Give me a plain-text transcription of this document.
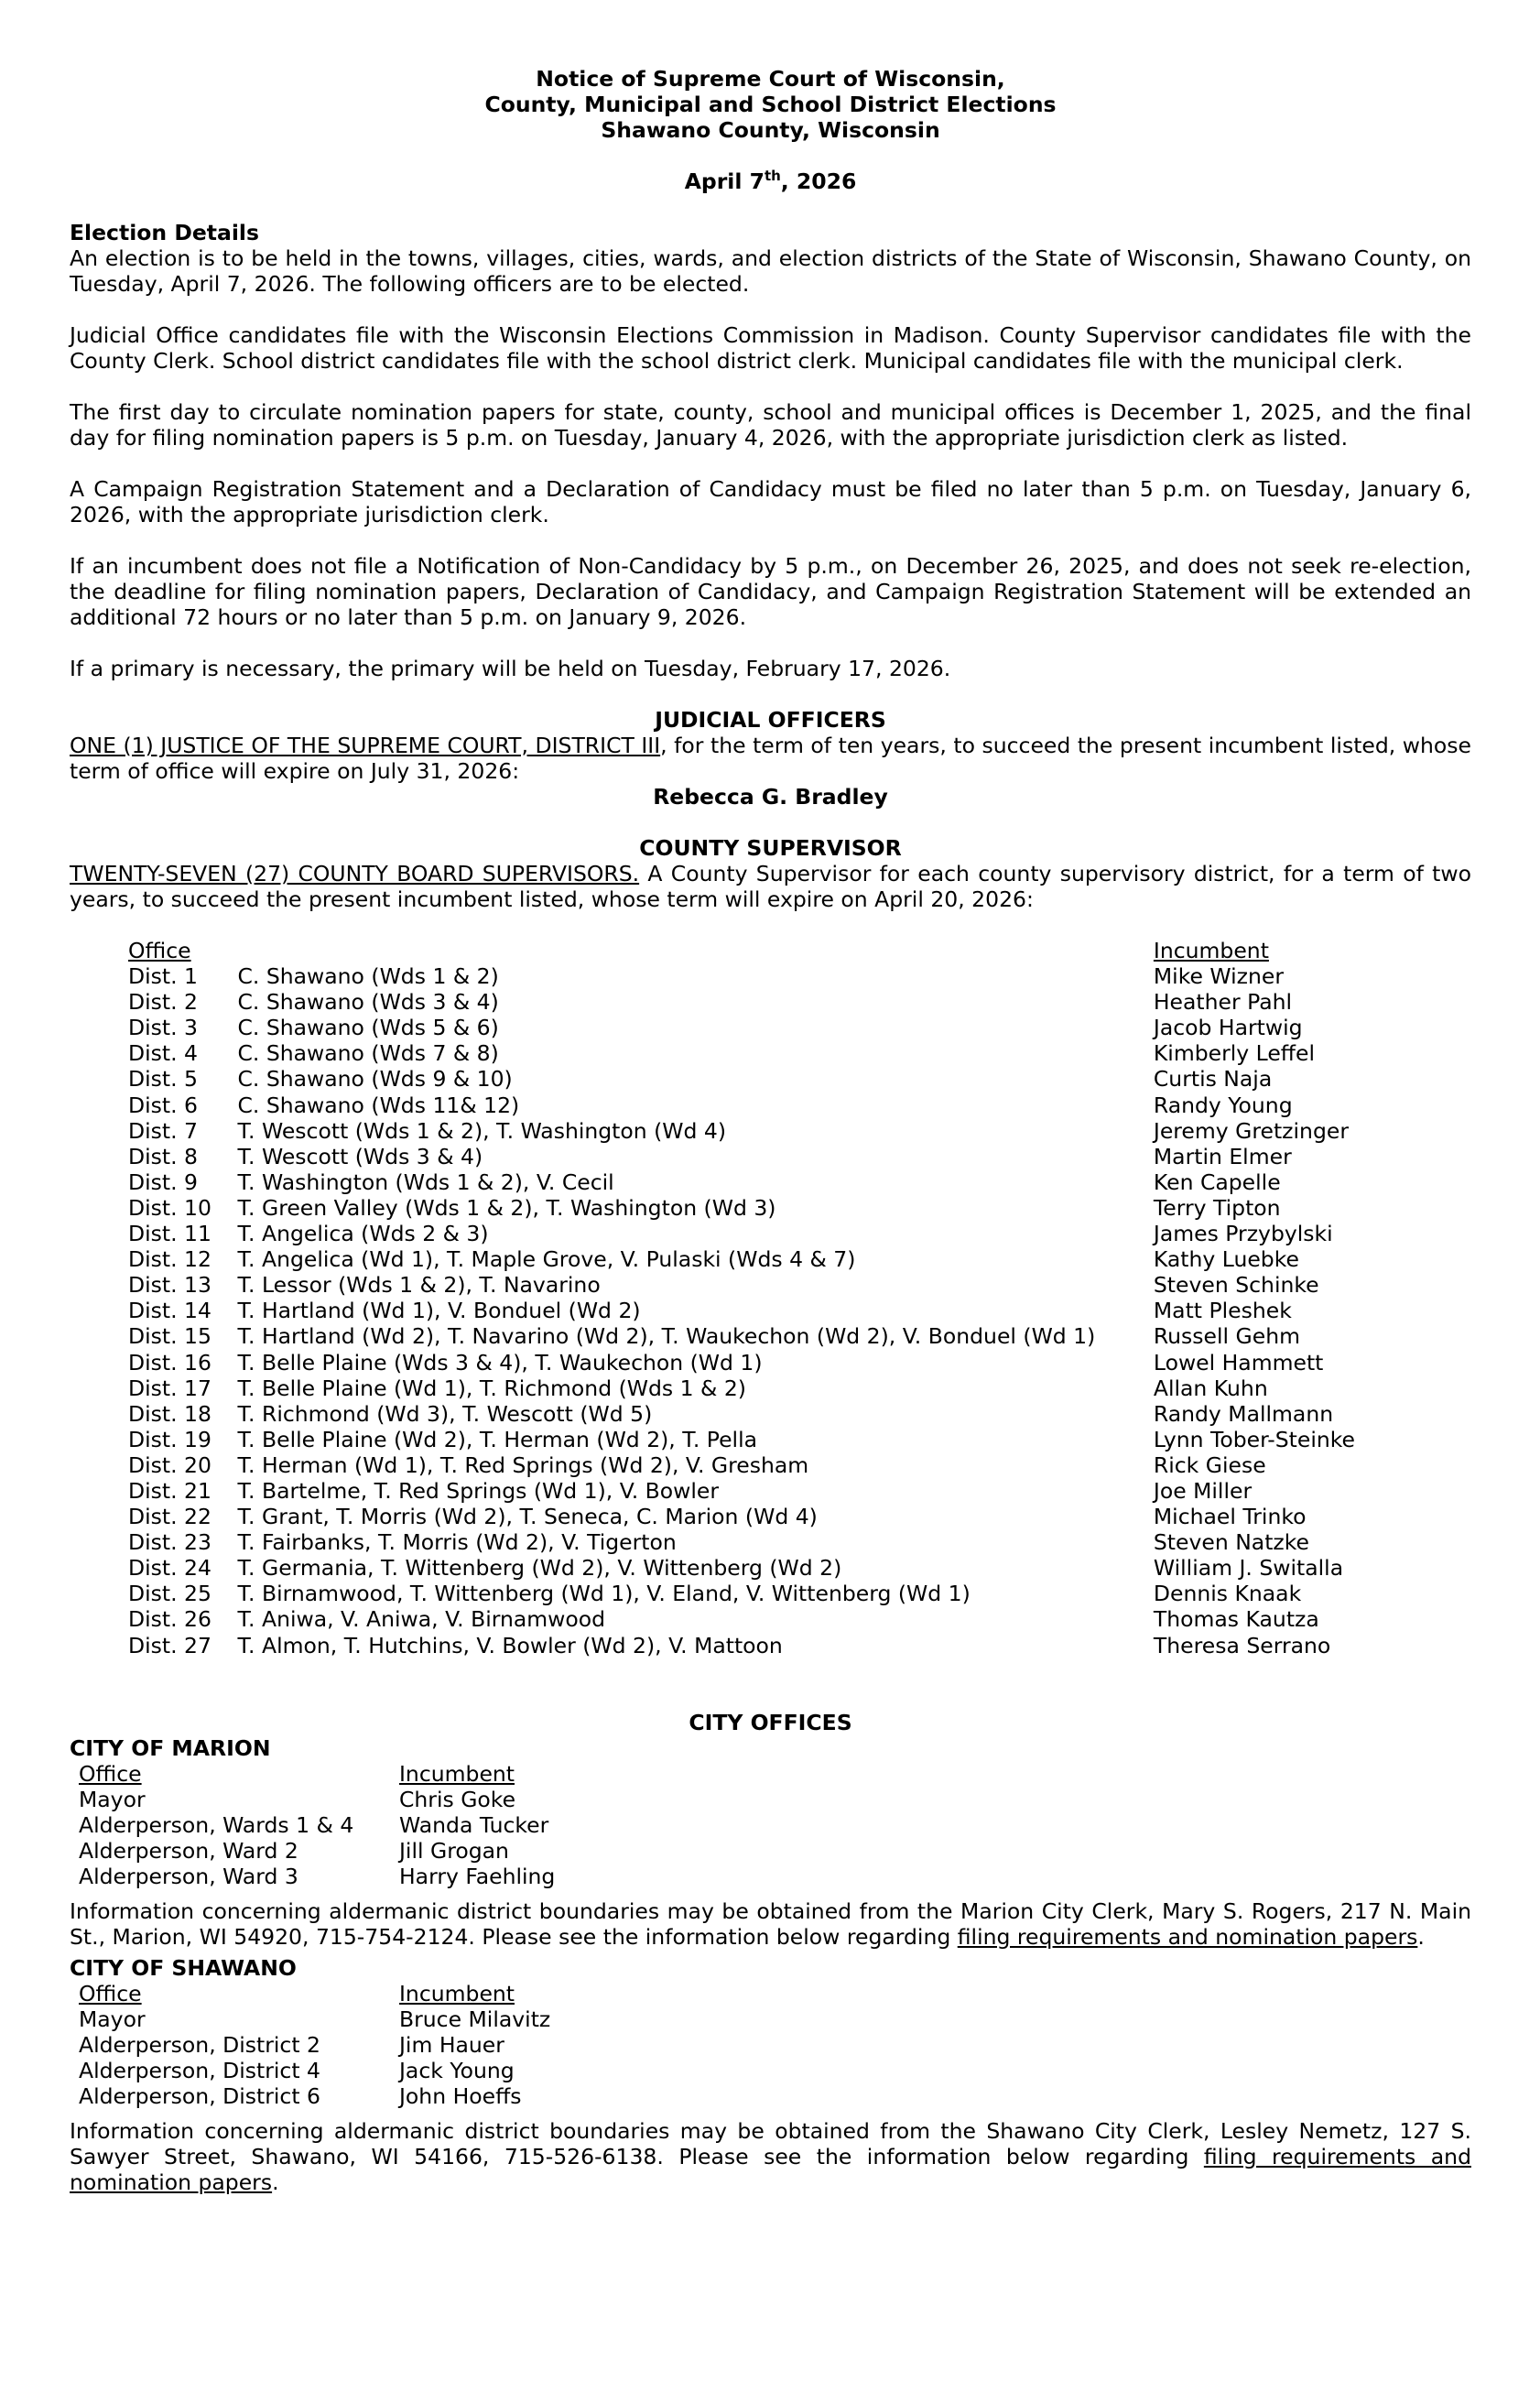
Notice of Supreme Court of Wisconsin,
County, Municipal and School District Elections
Shawano County, Wisconsin
April 7th, 2026
Election Details

An election is to be held in the towns, villages, cities, wards, and election districts of the State of Wisconsin, Shawano County, on Tuesday, April 7, 2026. The following officers are to be elected.

Judicial Office candidates file with the Wisconsin Elections Commission in Madison. County Supervisor candidates file with the County Clerk. School district candidates file with the school district clerk. Municipal candidates file with the municipal clerk.

The first day to circulate nomination papers for state, county, school and municipal offices is December 1, 2025, and the final day for filing nomination papers is 5 p.m. on Tuesday, January 4, 2026, with the appropriate jurisdiction clerk as listed.

A Campaign Registration Statement and a Declaration of Candidacy must be filed no later than 5 p.m. on Tuesday, January 6, 2026, with the appropriate jurisdiction clerk.

If an incumbent does not file a Notification of Non-Candidacy by 5 p.m., on December 26, 2025, and does not seek re-election, the deadline for filing nomination papers, Declaration of Candidacy, and Campaign Registration Statement will be extended an additional 72 hours or no later than 5 p.m. on January 9, 2026.

If a primary is necessary, the primary will be held on Tuesday, February 17, 2026.

JUDICIAL OFFICERS

ONE (1) JUSTICE OF THE SUPREME COURT, DISTRICT III, for the term of ten years, to succeed the present incumbent listed, whose term of office will expire on July 31, 2026:

Rebecca G. Bradley
COUNTY SUPERVISOR

TWENTY-SEVEN (27) COUNTY BOARD SUPERVISORS. A County Supervisor for each county supervisory district, for a term of two years, to succeed the present incumbent listed, whose term will expire on April 20, 2026:

Office		Incumbent
Dist. 1	C. Shawano (Wds 1 & 2)	Mike Wizner
Dist. 2	C. Shawano (Wds 3 & 4)	Heather Pahl
Dist. 3	C. Shawano (Wds 5 & 6)	Jacob Hartwig
Dist. 4	C. Shawano (Wds 7 & 8)	Kimberly Leffel
Dist. 5	C. Shawano (Wds 9 & 10)	Curtis Naja
Dist. 6	C. Shawano (Wds 11& 12)	Randy Young
Dist. 7	T. Wescott (Wds 1 & 2), T. Washington (Wd 4)	Jeremy Gretzinger
Dist. 8	T. Wescott (Wds 3 & 4)	Martin Elmer
Dist. 9	T. Washington (Wds 1 & 2), V. Cecil	Ken Capelle
Dist. 10	T. Green Valley (Wds 1 & 2), T. Washington (Wd 3)	Terry Tipton
Dist. 11	T. Angelica (Wds 2 & 3)	James Przybylski
Dist. 12	T. Angelica (Wd 1), T. Maple Grove, V. Pulaski (Wds 4 & 7)	Kathy Luebke
Dist. 13	T. Lessor (Wds 1 & 2), T. Navarino	Steven Schinke
Dist. 14	T. Hartland (Wd 1), V. Bonduel (Wd 2)	Matt Pleshek
Dist. 15	T. Hartland (Wd 2), T. Navarino (Wd 2), T. Waukechon (Wd 2), V. Bonduel (Wd 1)	Russell Gehm
Dist. 16	T. Belle Plaine (Wds 3 & 4), T. Waukechon (Wd 1)	Lowel Hammett
Dist. 17	T. Belle Plaine (Wd 1), T. Richmond (Wds 1 & 2)	Allan Kuhn
Dist. 18	T. Richmond (Wd 3), T. Wescott (Wd 5)	Randy Mallmann
Dist. 19	T. Belle Plaine (Wd 2), T. Herman (Wd 2), T. Pella	Lynn Tober-Steinke
Dist. 20	T. Herman (Wd 1), T. Red Springs (Wd 2), V. Gresham	Rick Giese
Dist. 21	T. Bartelme, T. Red Springs (Wd 1), V. Bowler	Joe Miller
Dist. 22	T. Grant, T. Morris (Wd 2), T. Seneca, C. Marion (Wd 4)	Michael Trinko
Dist. 23	T. Fairbanks, T. Morris (Wd 2), V. Tigerton	Steven Natzke
Dist. 24	T. Germania, T. Wittenberg (Wd 2), V. Wittenberg (Wd 2)	William J. Switalla
Dist. 25	T. Birnamwood, T. Wittenberg (Wd 1), V. Eland, V. Wittenberg (Wd 1)	Dennis Knaak
Dist. 26	T. Aniwa, V. Aniwa, V. Birnamwood	Thomas Kautza
Dist. 27	T. Almon, T. Hutchins, V. Bowler (Wd 2), V. Mattoon	Theresa Serrano
CITY OFFICES
CITY OF MARION
Office	Incumbent
Mayor	Chris Goke
Alderperson, Wards 1 & 4	Wanda Tucker
Alderperson, Ward 2	Jill Grogan
Alderperson, Ward 3	Harry Faehling

Information concerning aldermanic district boundaries may be obtained from the Marion City Clerk, Mary S. Rogers, 217 N. Main St., Marion, WI 54920, 715-754-2124. Please see the information below regarding filing requirements and nomination papers.

CITY OF SHAWANO
Office	Incumbent
Mayor	Bruce Milavitz
Alderperson, District 2	Jim Hauer
Alderperson, District 4	Jack Young
Alderperson, District 6	John Hoeffs

Information concerning aldermanic district boundaries may be obtained from the Shawano City Clerk, Lesley Nemetz, 127 S. Sawyer Street, Shawano, WI 54166, 715-526-6138. Please see the information below regarding filing requirements and nomination papers.
